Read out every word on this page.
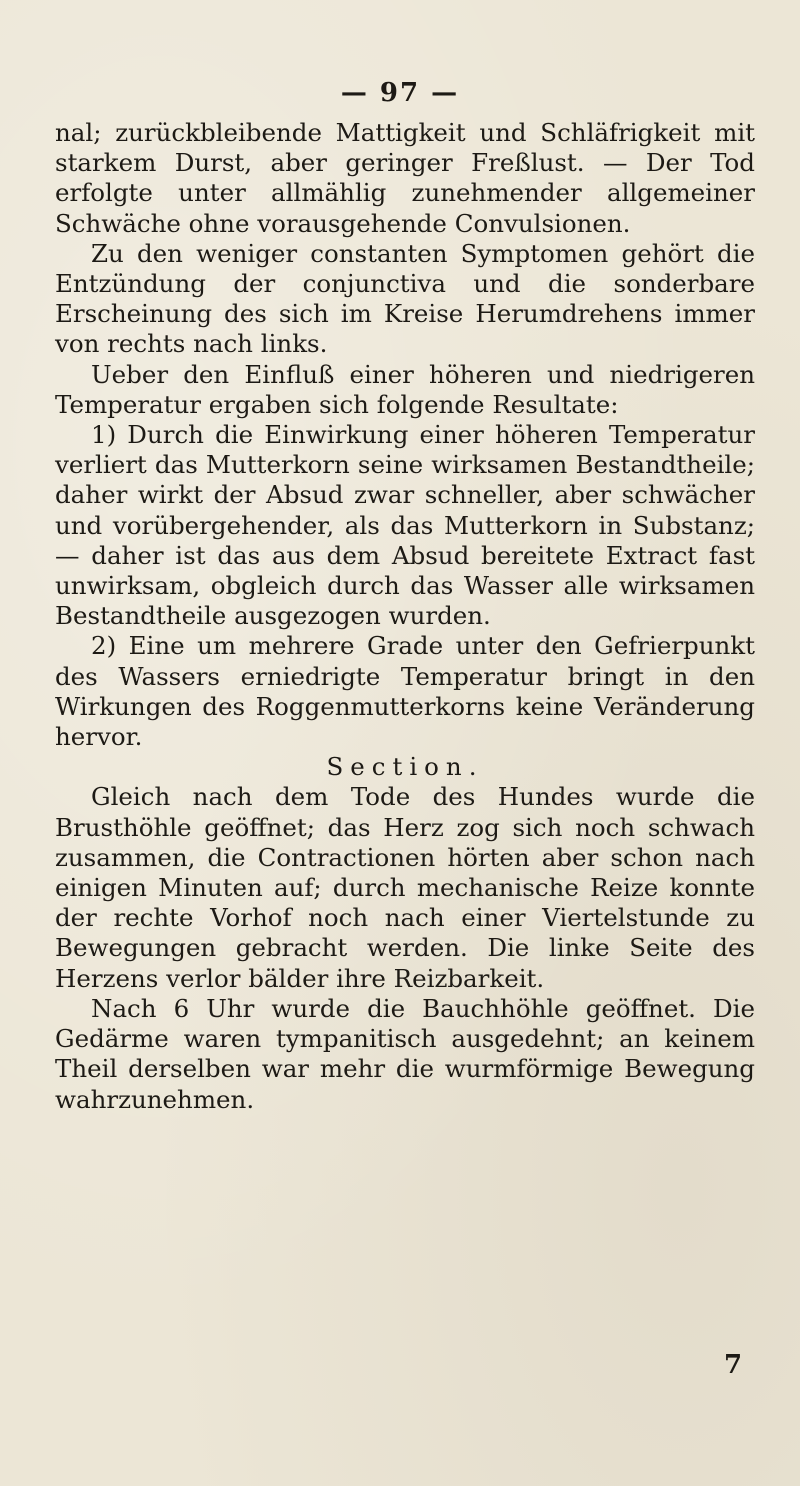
— 97 —

nal; zurückbleibende Mattigkeit und Schläfrigkeit mit starkem Durst, aber geringer Freßlust. — Der Tod erfolgte unter allmählig zunehmender allgemeiner Schwäche ohne vorausgehende Convulsionen.

Zu den weniger constanten Symptomen gehört die Entzündung der conjunctiva und die sonderbare Erscheinung des sich im Kreise Herumdrehens immer von rechts nach links.

Ueber den Einfluß einer höheren und niedrigeren Temperatur ergaben sich folgende Resultate:

1) Durch die Einwirkung einer höheren Temperatur verliert das Mutterkorn seine wirksamen Bestandtheile; daher wirkt der Absud zwar schneller, aber schwächer und vorübergehender, als das Mutterkorn in Substanz; — daher ist das aus dem Absud bereitete Extract fast unwirksam, obgleich durch das Wasser alle wirksamen Bestandtheile ausgezogen wurden.

2) Eine um mehrere Grade unter den Gefrierpunkt des Wassers erniedrigte Temperatur bringt in den Wirkungen des Roggenmutterkorns keine Veränderung hervor.

Section.

Gleich nach dem Tode des Hundes wurde die Brusthöhle geöffnet; das Herz zog sich noch schwach zusammen, die Contractionen hörten aber schon nach einigen Minuten auf; durch mechanische Reize konnte der rechte Vorhof noch nach einer Viertelstunde zu Bewegungen gebracht werden. Die linke Seite des Herzens verlor bälder ihre Reizbarkeit.

Nach 6 Uhr wurde die Bauchhöhle geöffnet. Die Gedärme waren tympanitisch ausgedehnt; an keinem Theil derselben war mehr die wurmförmige Bewegung wahrzunehmen.

7
